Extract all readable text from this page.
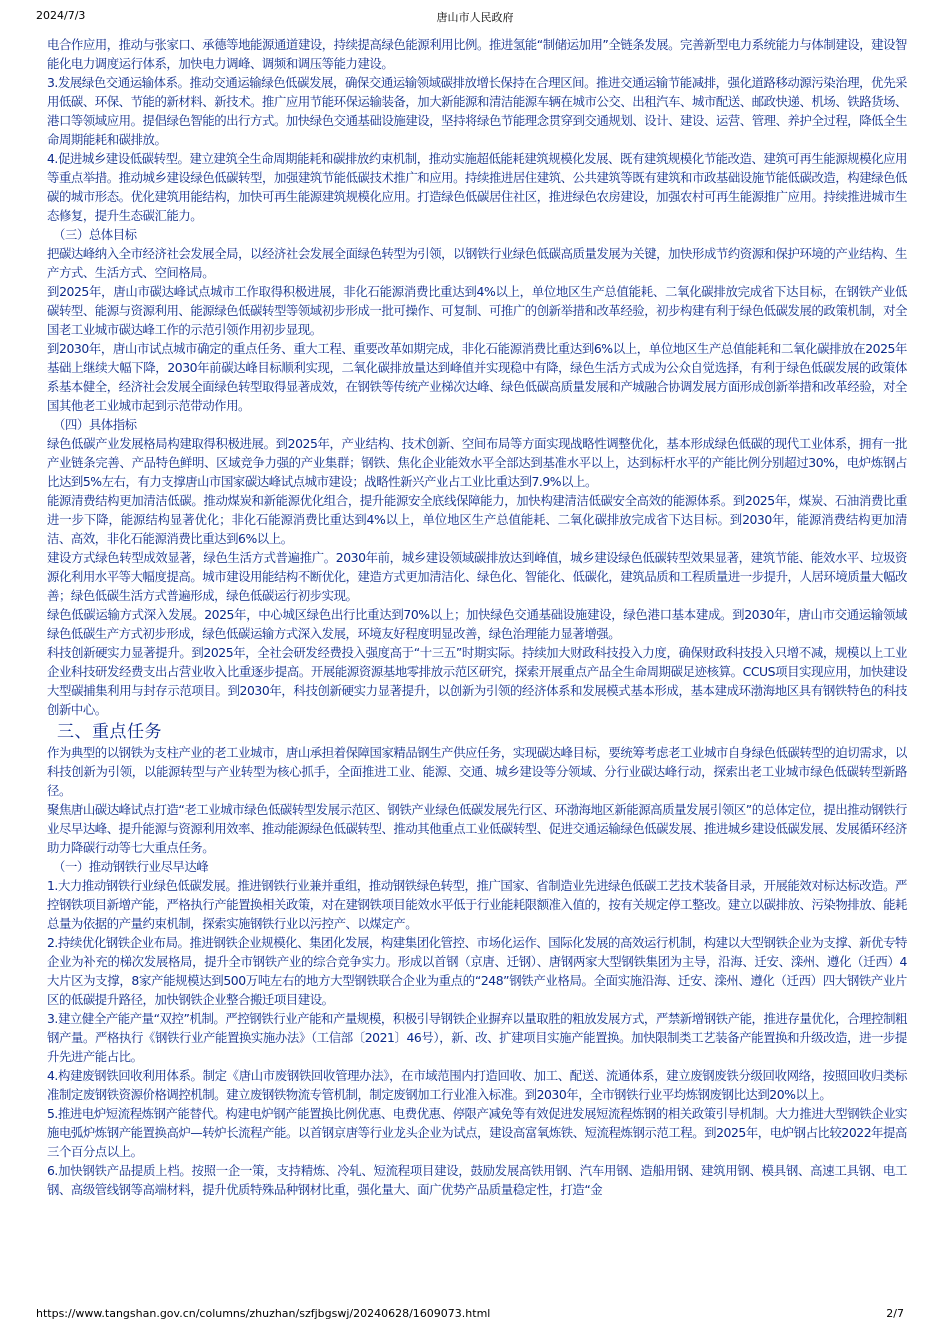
2024/7/3	唐山市人民政府

电合作应用，推动与张家口、承德等地能源通道建设，持续提高绿色能源利用比例。推进氢能“制储运加用”全链条发展。完善新型电力系统能力与体制建设，建设智能化电力调度运行体系，加快电力调峰、调频和调压等能力建设。

3.发展绿色交通运输体系。推动交通运输绿色低碳发展，确保交通运输领域碳排放增长保持在合理区间。推进交通运输节能减排，强化道路移动源污染治理，优先采用低碳、环保、节能的新材料、新技术。推广应用节能环保运输装备，加大新能源和清洁能源车辆在城市公交、出租汽车、城市配送、邮政快递、机场、铁路货场、港口等领域应用。提倡绿色智能的出行方式。加快绿色交通基础设施建设，坚持将绿色节能理念贯穿到交通规划、设计、建设、运营、管理、养护全过程，降低全生命周期能耗和碳排放。

4.促进城乡建设低碳转型。建立建筑全生命周期能耗和碳排放约束机制，推动实施超低能耗建筑规模化发展、既有建筑规模化节能改造、建筑可再生能源规模化应用等重点举措。推动城乡建设绿色低碳转型，加强建筑节能低碳技术推广和应用。持续推进居住建筑、公共建筑等既有建筑和市政基础设施节能低碳改造，构建绿色低碳的城市形态。优化建筑用能结构，加快可再生能源建筑规模化应用。打造绿色低碳居住社区，推进绿色农房建设，加强农村可再生能源推广应用。持续推进城市生态修复，提升生态碳汇能力。

（三）总体目标

把碳达峰纳入全市经济社会发展全局，以经济社会发展全面绿色转型为引领，以钢铁行业绿色低碳高质量发展为关键，加快形成节约资源和保护环境的产业结构、生产方式、生活方式、空间格局。

到2025年，唐山市碳达峰试点城市工作取得积极进展，非化石能源消费比重达到4%以上，单位地区生产总值能耗、二氧化碳排放完成省下达目标，在钢铁产业低碳转型、能源与资源利用、能源绿色低碳转型等领域初步形成一批可操作、可复制、可推广的创新举措和改革经验，初步构建有利于绿色低碳发展的政策机制，对全国老工业城市碳达峰工作的示范引领作用初步显现。

到2030年，唐山市试点城市确定的重点任务、重大工程、重要改革如期完成，非化石能源消费比重达到6%以上，单位地区生产总值能耗和二氧化碳排放在2025年基础上继续大幅下降，2030年前碳达峰目标顺利实现，二氧化碳排放量达到峰值并实现稳中有降，绿色生活方式成为公众自觉选择，有利于绿色低碳发展的政策体系基本健全，经济社会发展全面绿色转型取得显著成效，在钢铁等传统产业梯次达峰、绿色低碳高质量发展和产城融合协调发展方面形成创新举措和改革经验，对全国其他老工业城市起到示范带动作用。

（四）具体指标

绿色低碳产业发展格局构建取得积极进展。到2025年，产业结构、技术创新、空间布局等方面实现战略性调整优化，基本形成绿色低碳的现代工业体系，拥有一批产业链条完善、产品特色鲜明、区域竞争力强的产业集群；钢铁、焦化企业能效水平全部达到基准水平以上，达到标杆水平的产能比例分别超过30%，电炉炼钢占比达到5%左右，有力支撑唐山市国家碳达峰试点城市建设；战略性新兴产业占工业比重达到7.9%以上。

能源清费结构更加清洁低碳。推动煤炭和新能源优化组合，提升能源安全底线保障能力，加快构建清洁低碳安全高效的能源体系。到2025年，煤炭、石油消费比重进一步下降，能源结构显著优化；非化石能源消费比重达到4%以上，单位地区生产总值能耗、二氧化碳排放完成省下达目标。到2030年，能源消费结构更加清洁、高效，非化石能源消费比重达到6%以上。

建设方式绿色转型成效显著，绿色生活方式普遍推广。2030年前，城乡建设领域碳排放达到峰值，城乡建设绿色低碳转型效果显著，建筑节能、能效水平、垃圾资源化利用水平等大幅度提高。城市建设用能结构不断优化，建造方式更加清洁化、绿色化、智能化、低碳化，建筑品质和工程质量进一步提升，人居环境质量大幅改善；绿色低碳生活方式普遍形成，绿色低碳运行初步实现。

绿色低碳运输方式深入发展。2025年，中心城区绿色出行比重达到70%以上；加快绿色交通基础设施建设，绿色港口基本建成。到2030年，唐山市交通运输领域绿色低碳生产方式初步形成，绿色低碳运输方式深入发展，环境友好程度明显改善，绿色治理能力显著增强。

科技创新硬实力显著提升。到2025年，全社会研发经费投入强度高于“十三五”时期实际。持续加大财政科技投入力度，确保财政科技投入只增不减，规模以上工业企业科技研发经费支出占营业收入比重逐步提高。开展能源资源基地零排放示范区研究，探索开展重点产品全生命周期碳足迹核算。CCUS项目实现应用，加快建设大型碳捕集利用与封存示范项目。到2030年，科技创新硬实力显著提升，以创新为引领的经济体系和发展模式基本形成，基本建成环渤海地区具有钢铁特色的科技创新中心。

三、重点任务

作为典型的以钢铁为支柱产业的老工业城市，唐山承担着保障国家精品钢生产供应任务，实现碳达峰目标，要统筹考虑老工业城市自身绿色低碳转型的迫切需求，以科技创新为引领，以能源转型与产业转型为核心抓手，全面推进工业、能源、交通、城乡建设等分领域、分行业碳达峰行动，探索出老工业城市绿色低碳转型新路径。

聚焦唐山碳达峰试点打造“老工业城市绿色低碳转型发展示范区、钢铁产业绿色低碳发展先行区、环渤海地区新能源高质量发展引领区”的总体定位，提出推动钢铁行业尽早达峰、提升能源与资源利用效率、推动能源绿色低碳转型、推动其他重点工业低碳转型、促进交通运输绿色低碳发展、推进城乡建设低碳发展、发展循环经济助力降碳行动等七大重点任务。

（一）推动钢铁行业尽早达峰

1.大力推动钢铁行业绿色低碳发展。推进钢铁行业兼并重组，推动钢铁绿色转型，推广国家、省制造业先进绿色低碳工艺技术装备目录，开展能效对标达标改造。严控钢铁项目新增产能，严格执行产能置换相关政策，对在建钢铁项目能效水平低于行业能耗限额准入值的，按有关规定停工整改。建立以碳排放、污染物排放、能耗总量为依据的产量约束机制，探索实施钢铁行业以污控产、以煤定产。

2.持续优化钢铁企业布局。推进钢铁企业规模化、集团化发展，构建集团化管控、市场化运作、国际化发展的高效运行机制，构建以大型钢铁企业为支撑、新优专特企业为补充的梯次发展格局，提升全市钢铁产业的综合竞争实力。形成以首钢（京唐、迁钢）、唐钢两家大型钢铁集团为主导，沿海、迁安、滦州、遵化（迁西）4大片区为支撑，8家产能规模达到500万吨左右的地方大型钢铁联合企业为重点的“248”钢铁产业格局。全面实施沿海、迁安、滦州、遵化（迁西）四大钢铁产业片区的低碳提升路径，加快钢铁企业整合搬迁项目建设。

3.建立健全产能产量“双控”机制。严控钢铁行业产能和产量规模，积极引导钢铁企业摒弃以量取胜的粗放发展方式，严禁新增钢铁产能，推进存量优化，合理控制粗钢产量。严格执行《钢铁行业产能置换实施办法》（工信部〔2021〕46号），新、改、扩建项目实施产能置换。加快限制类工艺装备产能置换和升级改造，进一步提升先进产能占比。

4.构建废钢铁回收利用体系。制定《唐山市废钢铁回收管理办法》，在市域范围内打造回收、加工、配送、流通体系，建立废钢废铁分级回收网络，按照回收归类标准制定废钢铁资源价格调控机制。建立废钢铁物流专管机制，制定废钢加工行业准入标准。到2030年，全市钢铁行业平均炼钢废钢比达到20%以上。

5.推进电炉短流程炼钢产能替代。构建电炉钢产能置换比例优惠、电费优惠、停限产减免等有效促进发展短流程炼钢的相关政策引导机制。大力推进大型钢铁企业实施电弧炉炼钢产能置换高炉—转炉长流程产能。以首钢京唐等行业龙头企业为试点，建设高富氧炼铁、短流程炼钢示范工程。到2025年，电炉钢占比较2022年提高三个百分点以上。

6.加快钢铁产品提质上档。按照一企一策，支持精炼、冷轧、短流程项目建设，鼓励发展高铁用钢、汽车用钢、造船用钢、建筑用钢、模具钢、高速工具钢、电工钢、高级管线钢等高端材料，提升优质特殊品种钢材比重，强化量大、面广优势产品质量稳定性，打造“金

https://www.tangshan.gov.cn/columns/zhuzhan/szfjbgswj/20240628/1609073.html	2/7
